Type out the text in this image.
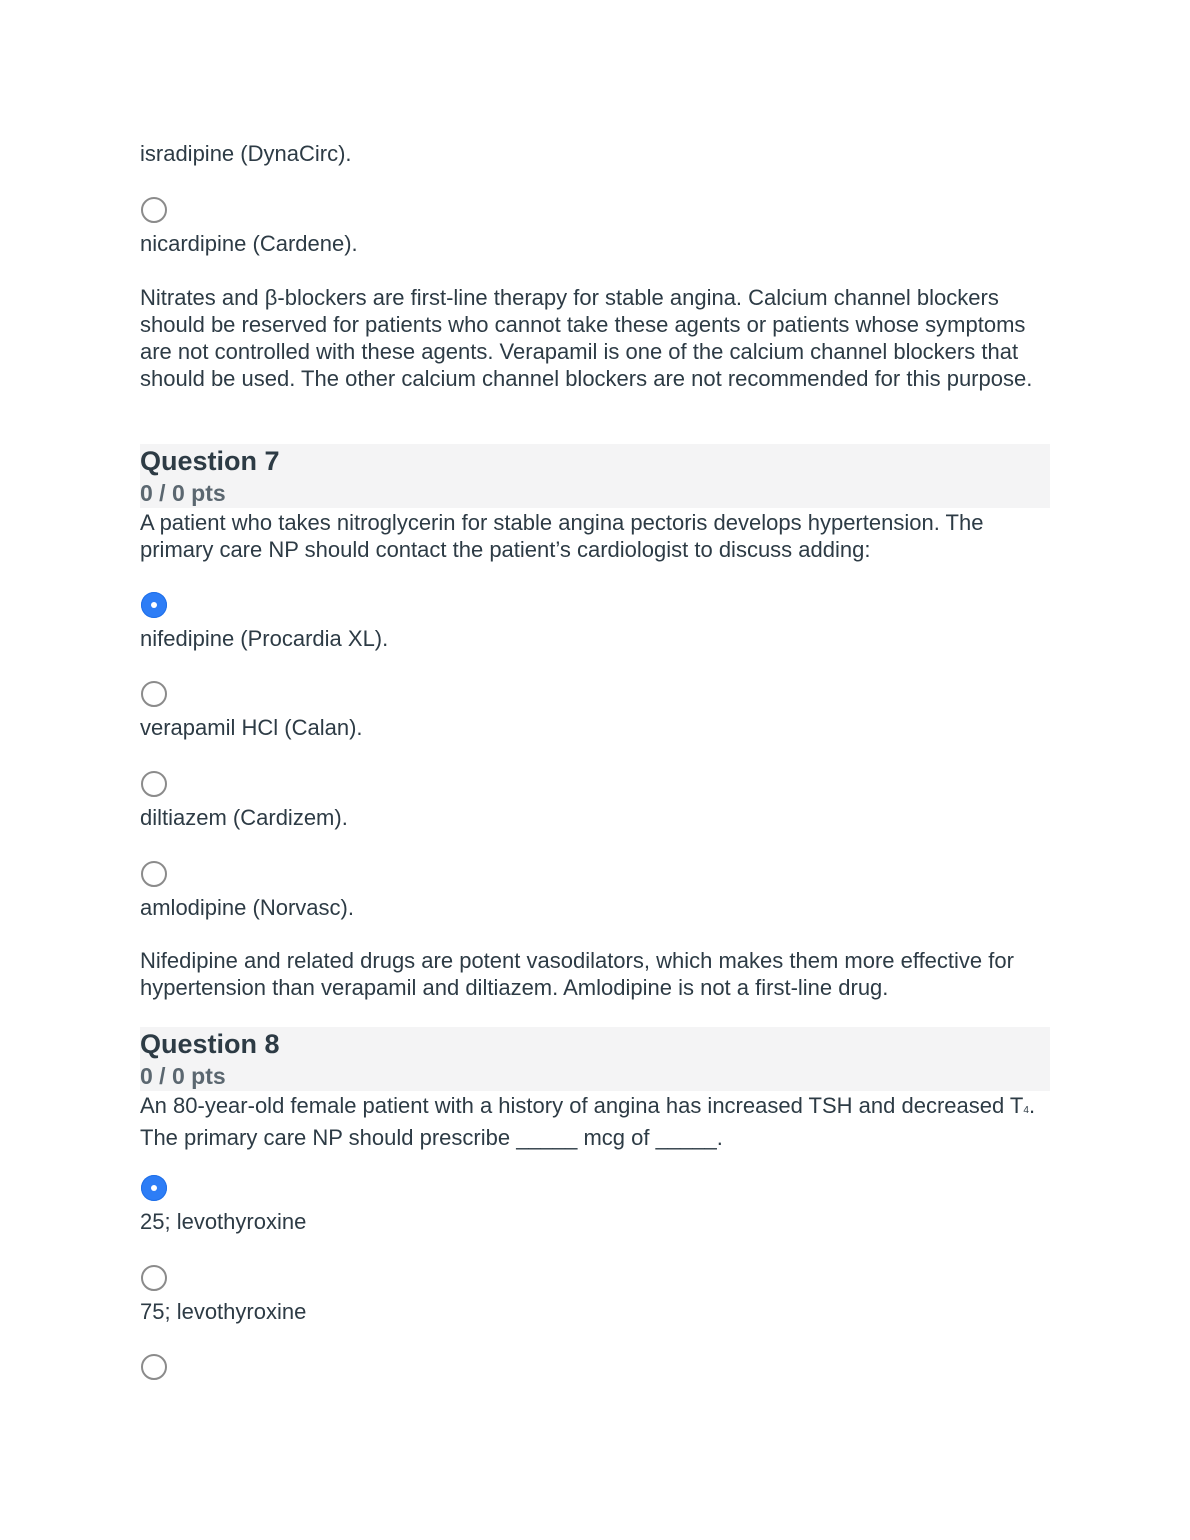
isradipine (DynaCirc).
nicardipine (Cardene).
Nitrates and β-blockers are first-line therapy for stable angina. Calcium channel blockers should be reserved for patients who cannot take these agents or patients whose symptoms are not controlled with these agents. Verapamil is one of the calcium channel blockers that should be used. The other calcium channel blockers are not recommended for this purpose.
Question 7
0 / 0 pts
A patient who takes nitroglycerin for stable angina pectoris develops hypertension. The primary care NP should contact the patient’s cardiologist to discuss adding:
nifedipine (Procardia XL).
verapamil HCl (Calan).
diltiazem (Cardizem).
amlodipine (Norvasc).
Nifedipine and related drugs are potent vasodilators, which makes them more effective for hypertension than verapamil and diltiazem. Amlodipine is not a first-line drug.
Question 8
0 / 0 pts
An 80-year-old female patient with a history of angina has increased TSH and decreased T4. The primary care NP should prescribe _____ mcg of _____.
25; levothyroxine
75; levothyroxine
